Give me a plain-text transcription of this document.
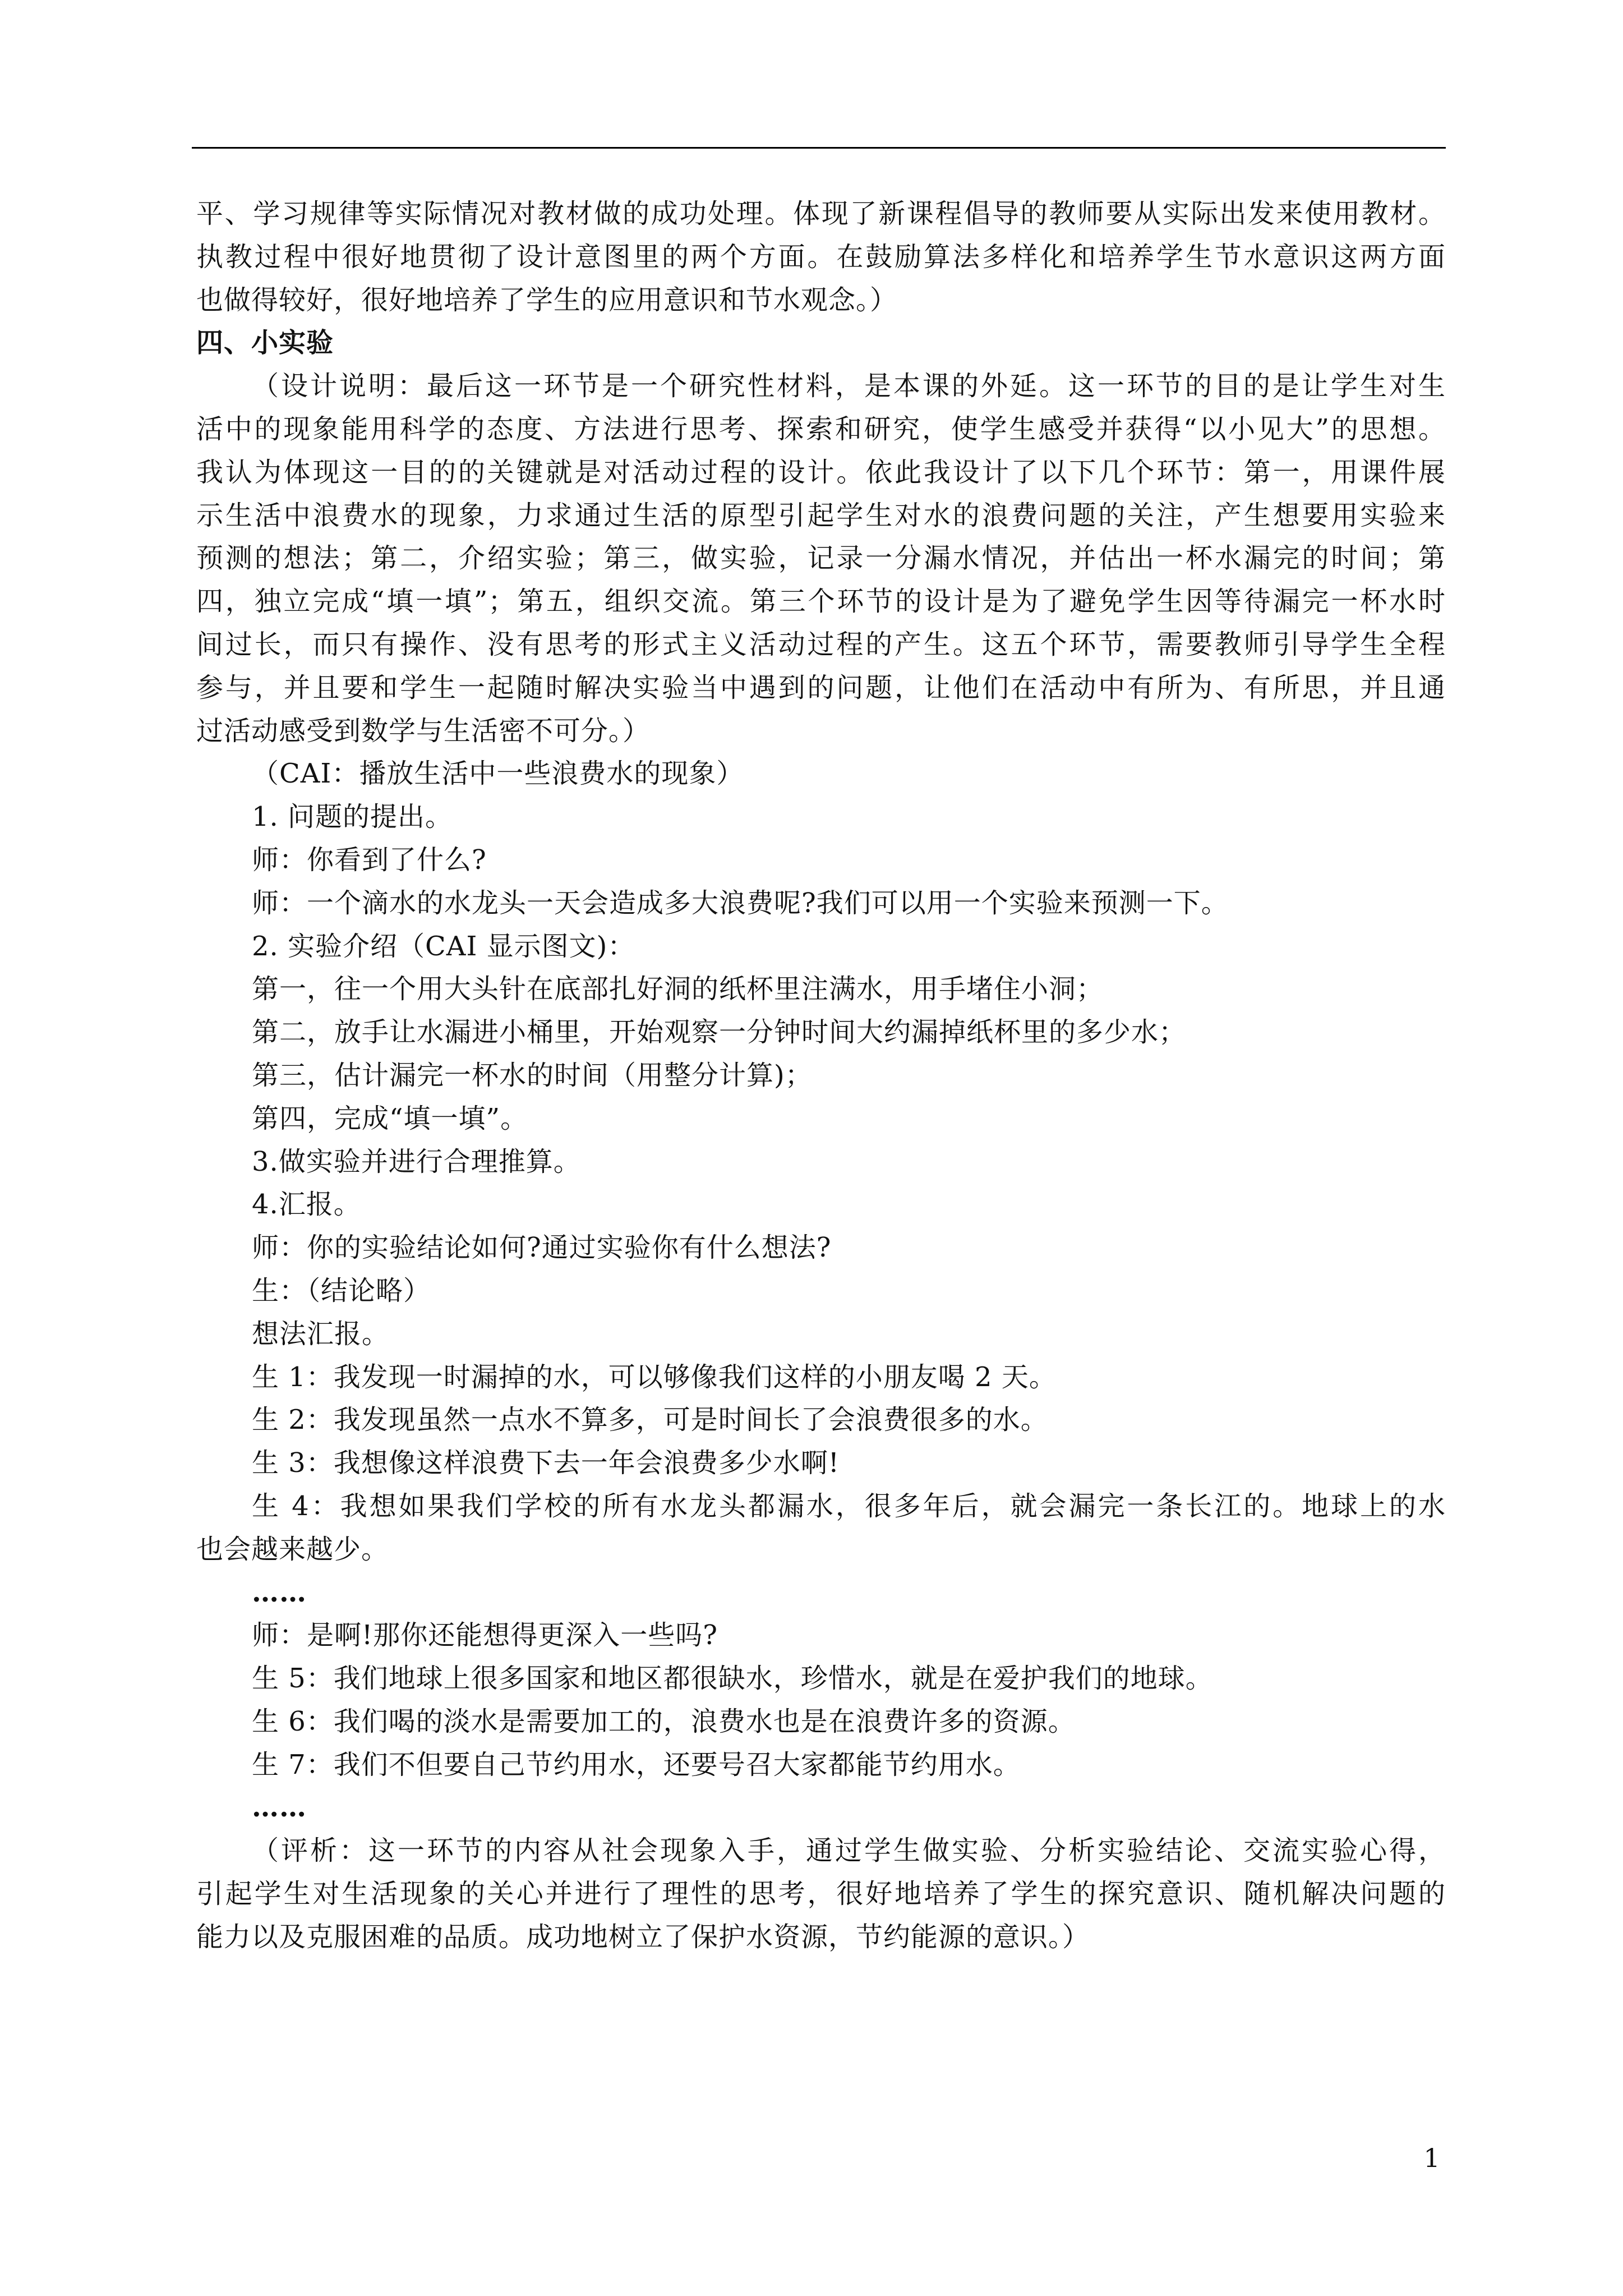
平、学习规律等实际情况对教材做的成功处理。体现了新课程倡导的教师要从实际出发来使用教材。
执教过程中很好地贯彻了设计意图里的两个方面。在鼓励算法多样化和培养学生节水意识这两方面
也做得较好，很好地培养了学生的应用意识和节水观念。）
四、小实验
（设计说明：最后这一环节是一个研究性材料，是本课的外延。这一环节的目的是让学生对生
活中的现象能用科学的态度、方法进行思考、探索和研究，使学生感受并获得“以小见大”的思想。
我认为体现这一目的的关键就是对活动过程的设计。依此我设计了以下几个环节：第一，用课件展
示生活中浪费水的现象，力求通过生活的原型引起学生对水的浪费问题的关注，产生想要用实验来
预测的想法；第二，介绍实验；第三，做实验，记录一分漏水情况，并估出一杯水漏完的时间；第
四，独立完成“填一填”；第五，组织交流。第三个环节的设计是为了避免学生因等待漏完一杯水时
间过长，而只有操作、没有思考的形式主义活动过程的产生。这五个环节，需要教师引导学生全程
参与，并且要和学生一起随时解决实验当中遇到的问题，让他们在活动中有所为、有所思，并且通
过活动感受到数学与生活密不可分。）
（CAI：播放生活中一些浪费水的现象）
1. 问题的提出。
师：你看到了什么?
师：一个滴水的水龙头一天会造成多大浪费呢?我们可以用一个实验来预测一下。
2. 实验介绍（CAI 显示图文)：
第一，往一个用大头针在底部扎好洞的纸杯里注满水，用手堵住小洞；
第二，放手让水漏进小桶里，开始观察一分钟时间大约漏掉纸杯里的多少水；
第三，估计漏完一杯水的时间（用整分计算)；
第四，完成“填一填”。
3.做实验并进行合理推算。
4.汇报。
师：你的实验结论如何?通过实验你有什么想法?
生：（结论略）
想法汇报。
生 1：我发现一时漏掉的水，可以够像我们这样的小朋友喝 2 天。
生 2：我发现虽然一点水不算多，可是时间长了会浪费很多的水。
生 3：我想像这样浪费下去一年会浪费多少水啊!
生 4：我想如果我们学校的所有水龙头都漏水，很多年后，就会漏完一条长江的。地球上的水
也会越来越少。
……
师：是啊!那你还能想得更深入一些吗?
生 5：我们地球上很多国家和地区都很缺水，珍惜水，就是在爱护我们的地球。
生 6：我们喝的淡水是需要加工的，浪费水也是在浪费许多的资源。
生 7：我们不但要自己节约用水，还要号召大家都能节约用水。
……
（评析：这一环节的内容从社会现象入手，通过学生做实验、分析实验结论、交流实验心得，
引起学生对生活现象的关心并进行了理性的思考，很好地培养了学生的探究意识、随机解决问题的
能力以及克服困难的品质。成功地树立了保护水资源，节约能源的意识。）
1
